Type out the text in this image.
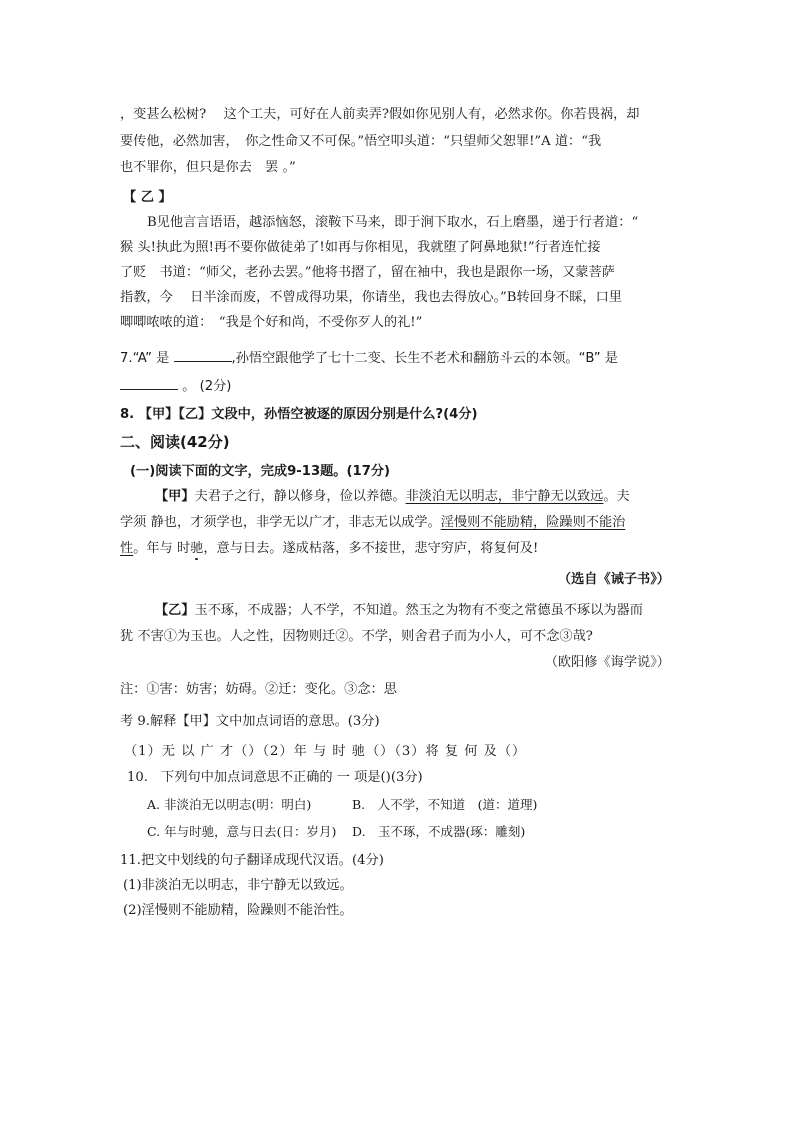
，变甚么松树?　 这个工夫，可好在人前卖弄?假如你见别人有，必然求你。你若畏祸，却
要传他，必然加害，　你之性命又不可保。”悟空叩头道：“只望师父恕罪!”A 道：“我
也不罪你，但只是你去　罢 。”
【 乙 】
B见他言言语语，越添恼怒，滚鞍下马来，即于涧下取水，石上磨墨，递于行者道：“
猴 头!执此为照!再不要你做徒弟了!如再与你相见，我就堕了阿鼻地狱!”行者连忙接
了贬　书道：“师父，老孙去罢。”他将书摺了，留在袖中，我也是跟你一场，又蒙菩萨
指教，今　 日半涂而废，不曾成得功果，你请坐，我也去得放心。”B转回身不睬，口里
唧唧哝哝的道：　“我是个好和尚，不受你歹人的礼!”
7.“A” 是	,孙悟空跟他学了七十二变、长生不老术和翻筋斗云的本领。“B” 是
。 (2分)
8. 【甲】【乙】文段中，孙悟空被逐的原因分别是什么?(4分)
二、阅读(42分)
(一)阅读下面的文字，完成9-13题。(17分)
【甲】夫君子之行，静以修身，俭以养德。非淡泊无以明志，非宁静无以致远。夫
学须 静也，才须学也，非学无以广才，非志无以成学。淫慢则不能励精，险躁则不能治
性。年与 时驰，意与日去。遂成枯落，多不接世，悲守穷庐，将复何及!
（选自《诫子书》）
【乙】玉不琢，不成器；人不学，不知道。然玉之为物有不变之常德虽不琢以为器而
犹 不害①为玉也。人之性，因物则迁②。不学，则舍君子而为小人，可不念③哉?
（欧阳修《诲学说》）
注：①害：妨害；妨碍。②迁：变化。③念：思
考 9.解释【甲】文中加点词语的意思。(3分)
（1）无 以 广 才（）（2）年 与 时 驰（）（3）将 复 何 及（）
10.　下列句中加点词意思不正确的 一 项是()(3分)
A. 非淡泊无以明志(明：明白)	B.　人不学，不知道　(道：道理)
C. 年与时驰，意与日去(日：岁月) D.　玉不琢，不成器(琢：雕刻)
11.把文中划线的句子翻译成现代汉语。(4分)
(1)非淡泊无以明志，非宁静无以致远。
(2)淫慢则不能励精，险躁则不能治性。
